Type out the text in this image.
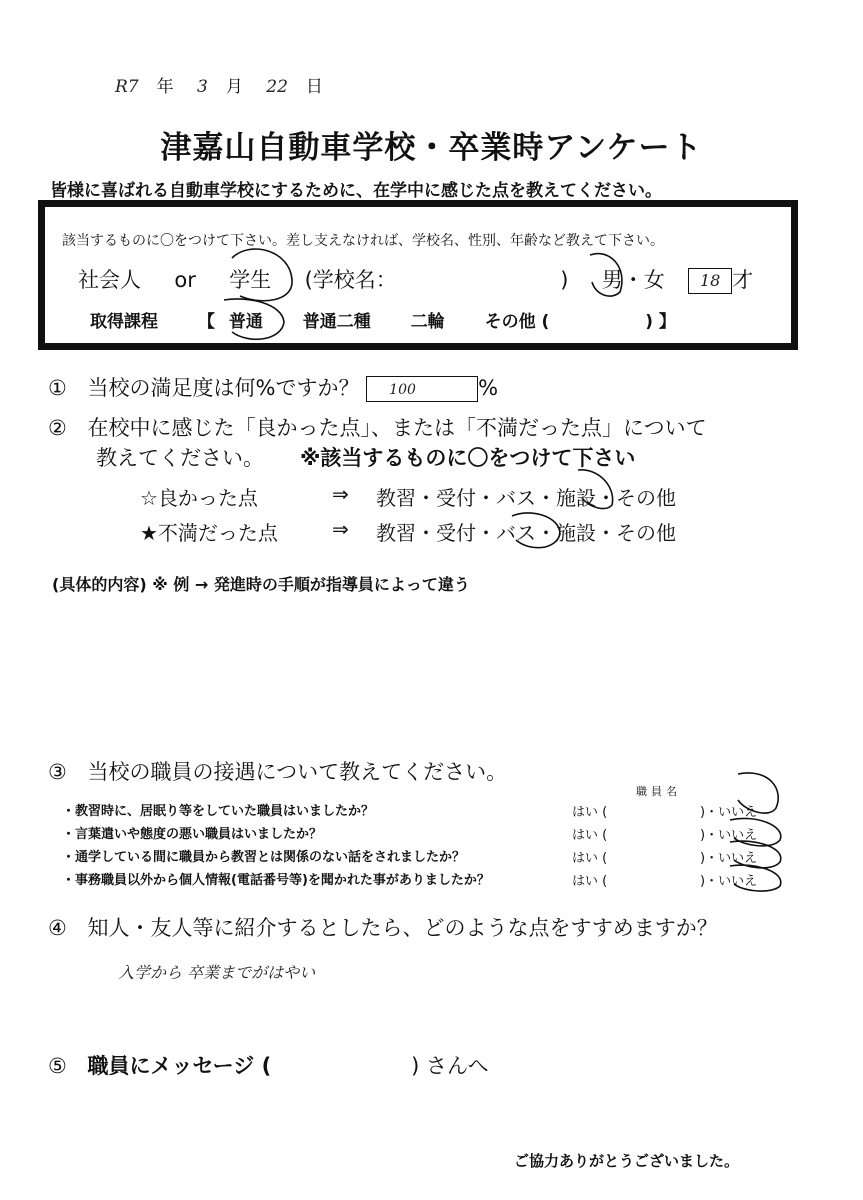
R7 年 3 月 22 日
津嘉山自動車学校・卒業時アンケート
皆様に喜ばれる自動車学校にするために、在学中に感じた点を教えてください。
該当するものに〇をつけて下さい。差し支えなければ、学校名、性別、年齢など教えて下さい。
社会人 or 学生 (学校名：	) 男・女 18 才
取得課程 【 普通 普通二種 二輪 その他 (	) 】
① 当校の満足度は何%ですか？ 100	%
② 在校中に感じた「良かった点」、または「不満だった点」について
教えてください。 ※該当するものに〇をつけて下さい
☆良かった点	⇒ 教習・受付・バス・施設・その他
★不満だった点	⇒ 教習・受付・バス・施設・その他
(具体的内容) ※ 例 → 発進時の手順が指導員によって違う
③ 当校の職員の接遇について教えてください。
職員名
・教習時に、居眠り等をしていた職員はいましたか？	はい (	)・いいえ
・言葉遣いや態度の悪い職員はいましたか？	はい (	)・いいえ
・通学している間に職員から教習とは関係のない話をされましたか？	はい (	)・いいえ
・事務職員以外から個人情報(電話番号等)を聞かれた事がありましたか？	はい (	)・いいえ
④ 知人・友人等に紹介するとしたら、どのような点をすすめますか？
入学から 卒業までがはやい
⑤ 職員にメッセージ (	) さんへ
ご協力ありがとうございました。
